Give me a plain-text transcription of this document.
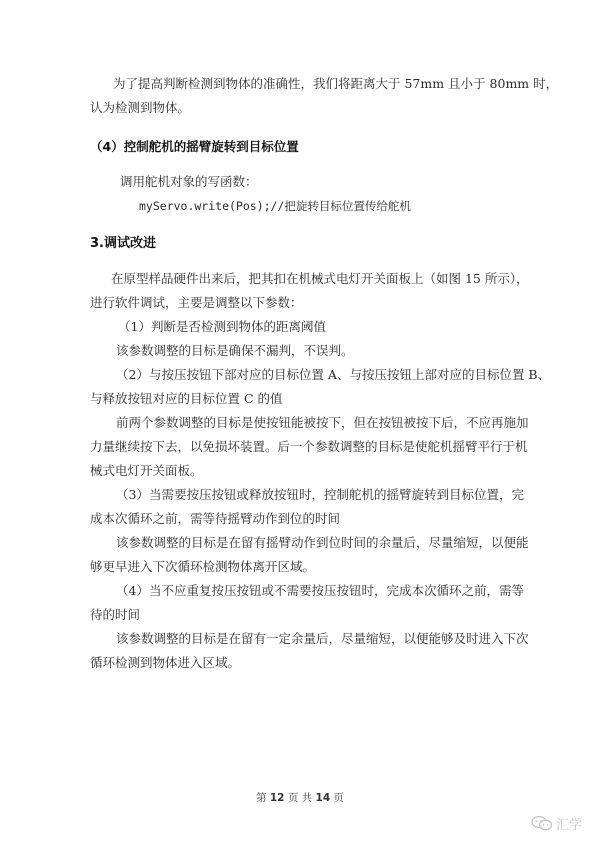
为了提高判断检测到物体的准确性，我们将距离大于 57mm 且小于 80mm 时，
认为检测到物体。
（4）控制舵机的摇臂旋转到目标位置
调用舵机对象的写函数：
myServo.write(Pos);//把旋转目标位置传给舵机
3.调试改进
在原型样品硬件出来后，把其扣在机械式电灯开关面板上（如图 15 所示），
进行软件调试，主要是调整以下参数：
（1）判断是否检测到物体的距离阈值
该参数调整的目标是确保不漏判，不误判。
（2）与按压按钮下部对应的目标位置 A、与按压按钮上部对应的目标位置 B、
与释放按钮对应的目标位置 C 的值
前两个参数调整的目标是使按钮能被按下，但在按钮被按下后，不应再施加
力量继续按下去，以免损坏装置。后一个参数调整的目标是使舵机摇臂平行于机
械式电灯开关面板。
（3）当需要按压按钮或释放按钮时，控制舵机的摇臂旋转到目标位置，完
成本次循环之前，需等待摇臂动作到位的时间
该参数调整的目标是在留有摇臂动作到位时间的余量后，尽量缩短，以便能
够更早进入下次循环检测物体离开区域。
（4）当不应重复按压按钮或不需要按压按钮时，完成本次循环之前，需等
待的时间
该参数调整的目标是在留有一定余量后，尽量缩短，以便能够及时进入下次
循环检测到物体进入区域。
第 12 页 共 14 页
汇学
